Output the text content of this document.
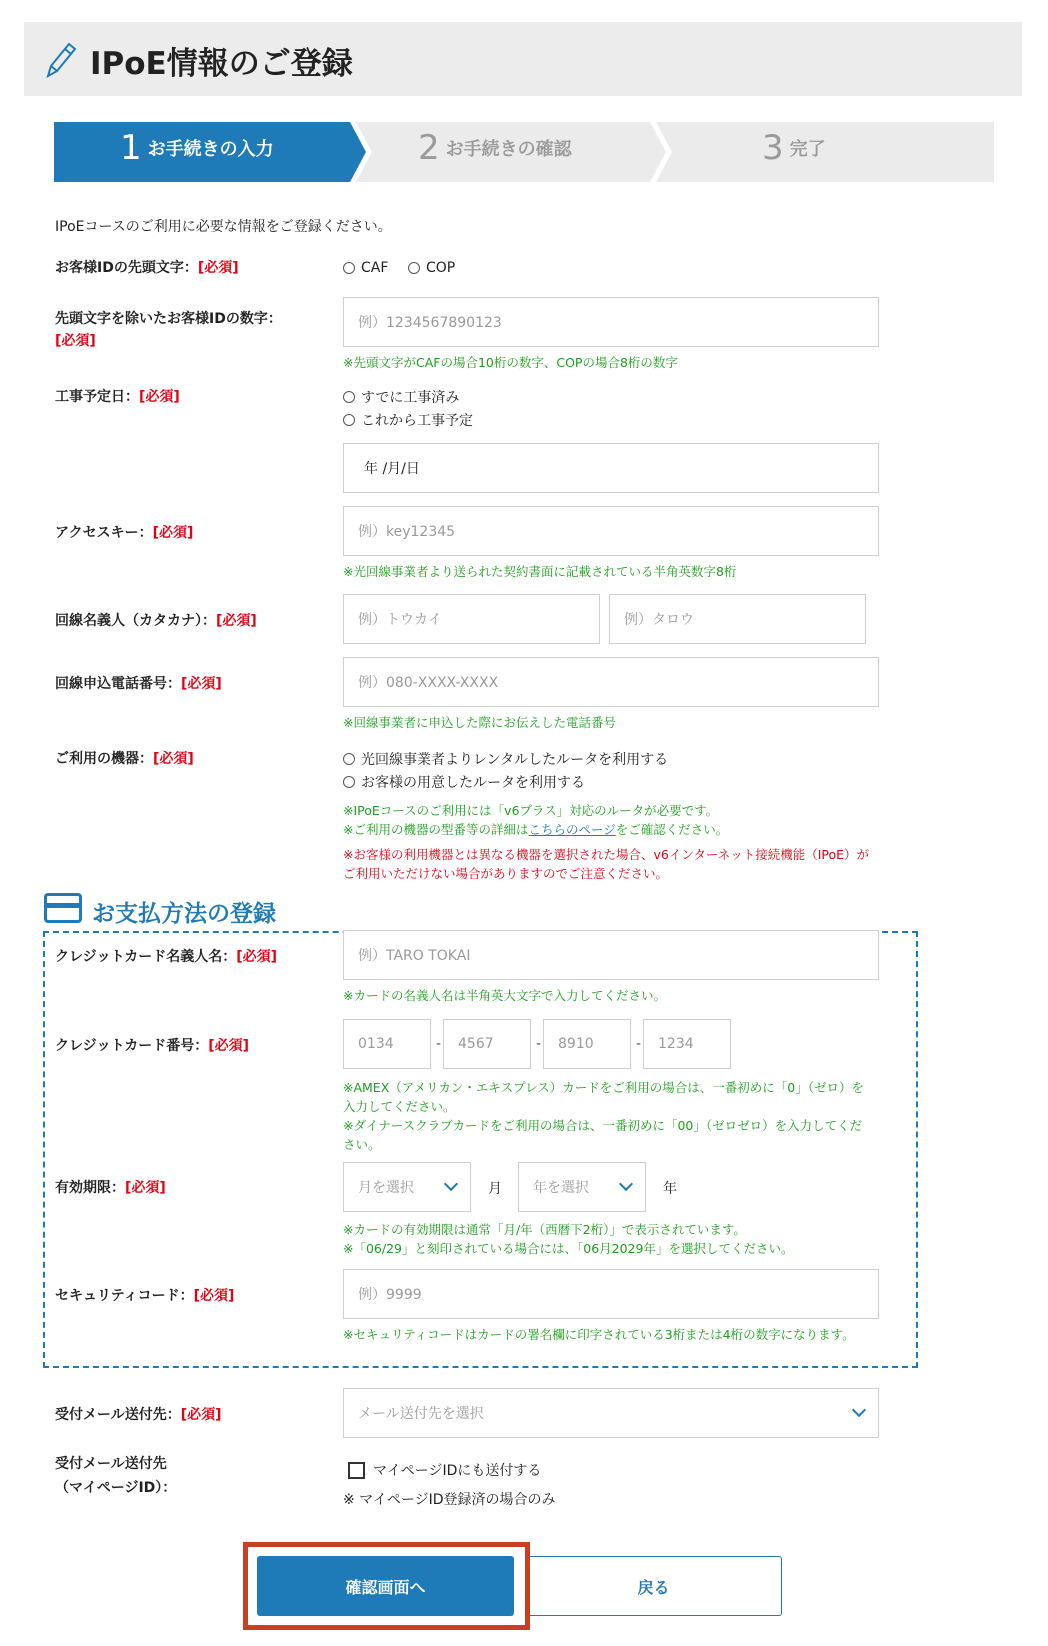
IPoE情報のご登録
1 お手続きの入力	2 お手続きの確認	3 完了
IPoEコースのご利用に必要な情報をご登録ください。
お客様IDの先頭文字：[必須]	CAF	COP
先頭文字を除いたお客様IDの数字：
[必須]
例）1234567890123
※先頭文字がCAFの場合10桁の数字、COPの場合8桁の数字
工事予定日：[必須]	すでに工事済み
これから工事予定
年 /月/日
アクセスキー：[必須]	例）key12345
※光回線事業者より送られた契約書面に記載されている半角英数字8桁
回線名義人（カタカナ）：[必須]	例）トウカイ	例）タロウ
回線申込電話番号：[必須]	例）080-XXXX-XXXX
※回線事業者に申込した際にお伝えした電話番号
ご利用の機器：[必須]	光回線事業者よりレンタルしたルータを利用する
お客様の用意したルータを利用する
※IPoEコースのご利用には「v6プラス」対応のルータが必要です。
※ご利用の機器の型番等の詳細はこちらのページをご確認ください。
※お客様の利用機器とは異なる機器を選択された場合、v6インターネット接続機能（IPoE）が
ご利用いただけない場合がありますのでご注意ください。
お支払方法の登録
クレジットカード名義人名：[必須]	例）TARO TOKAI
※カードの名義人名は半角英大文字で入力してください。
クレジットカード番号：[必須]	0134	-	4567	-	8910	-	1234
※AMEX（アメリカン・エキスプレス）カードをご利用の場合は、一番初めに「0」（ゼロ）を
入力してください。
※ダイナースクラブカードをご利用の場合は、一番初めに「00」（ゼロゼロ）を入力してくだ
さい。
有効期限：[必須]	月を選択	月 年を選択	年
※カードの有効期限は通常「月/年（西暦下2桁）」で表示されています。
※「06/29」と刻印されている場合には、「06月2029年」を選択してください。
セキュリティコード：[必須]	例）9999
※セキュリティコードはカードの署名欄に印字されている3桁または4桁の数字になります。
受付メール送付先：[必須]	メール送付先を選択
受付メール送付先
（マイページID）：
マイページIDにも送付する
※ マイページID登録済の場合のみ
確認画面へ	戻る
